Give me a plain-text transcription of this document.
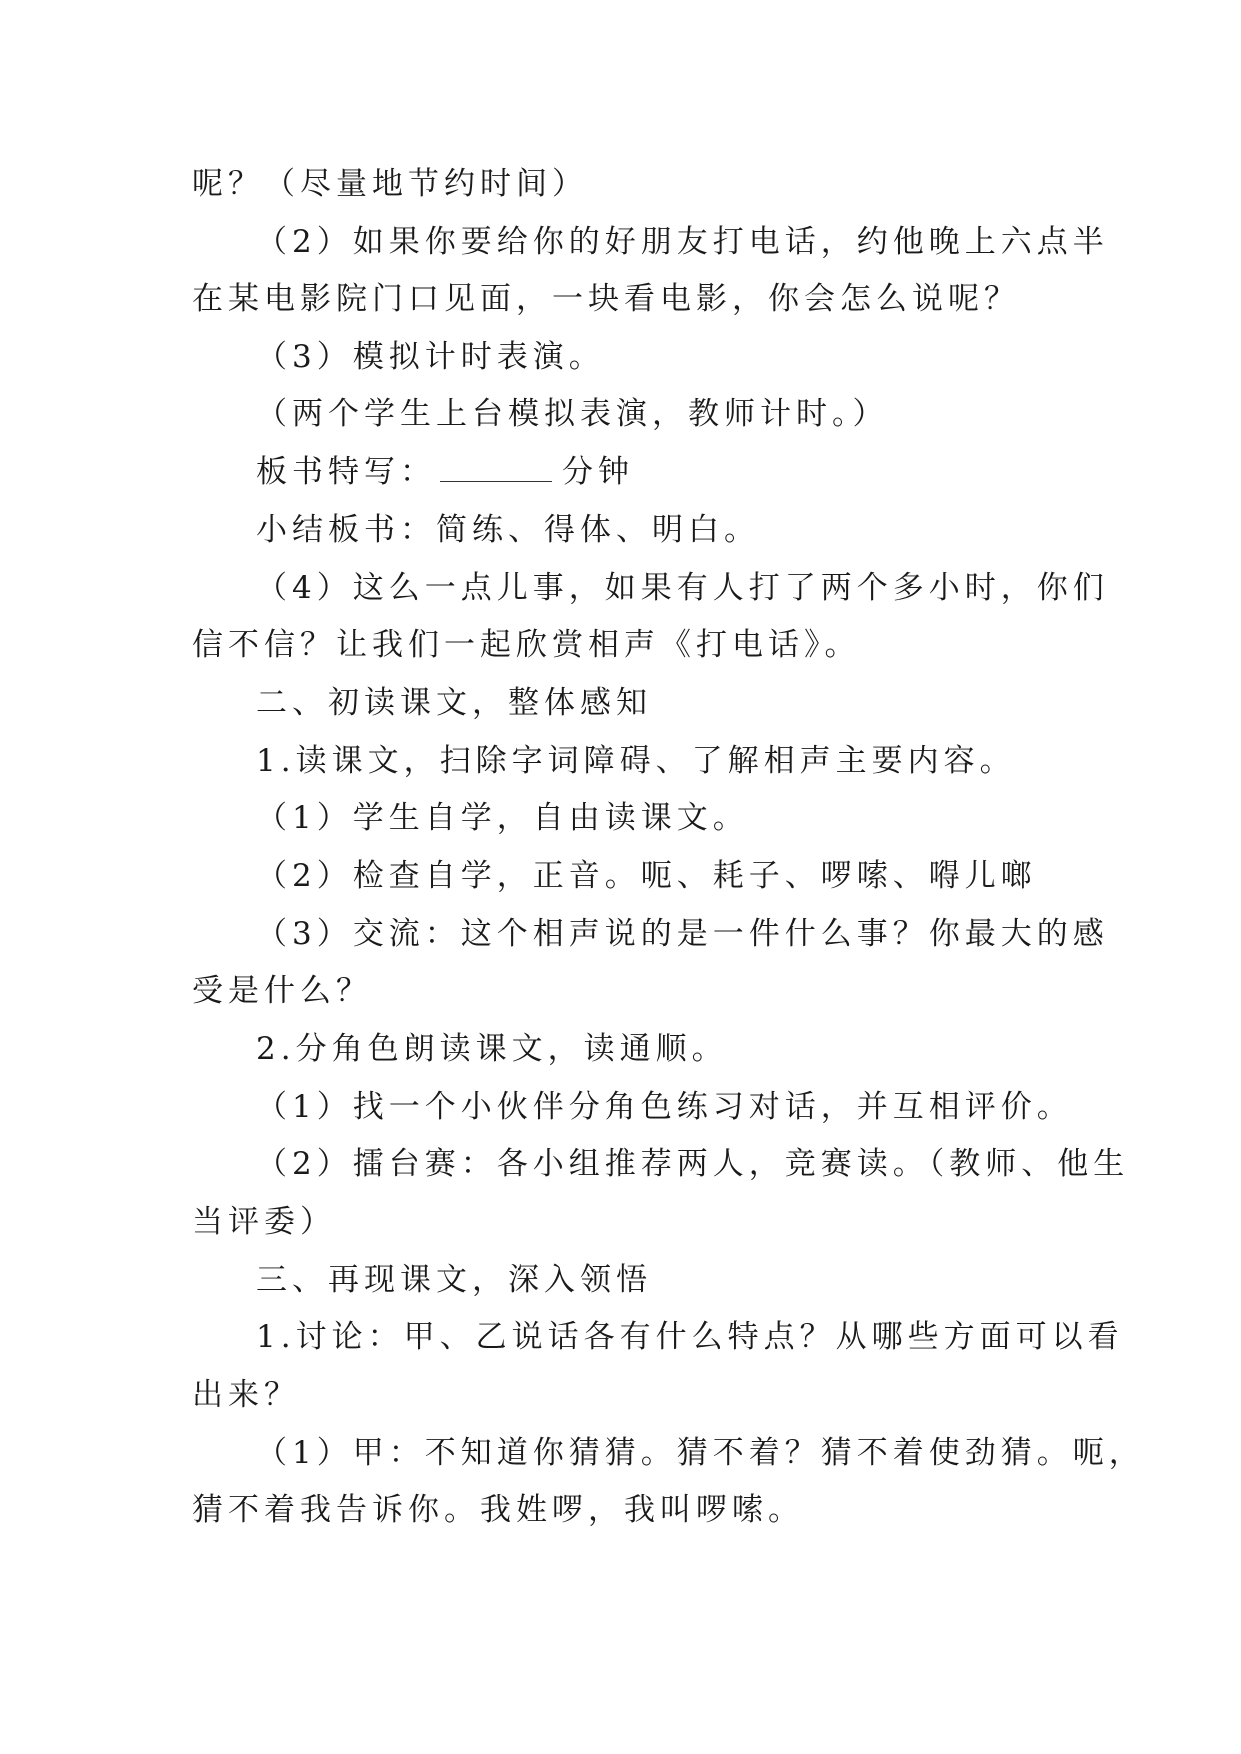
呢？（尽量地节约时间）
（2）如果你要给你的好朋友打电话，约他晚上六点半
在某电影院门口见面，一块看电影，你会怎么说呢？
（3）模拟计时表演。
（两个学生上台模拟表演，教师计时。）
板书特写：	分钟
小结板书：简练、得体、明白。
（4）这么一点儿事，如果有人打了两个多小时，你们
信不信？让我们一起欣赏相声《打电话》。
二、初读课文，整体感知
1.读课文，扫除字词障碍、了解相声主要内容。
（1）学生自学，自由读课文。
（2）检查自学，正音。呃、耗子、啰嗦、嘚儿啷
（3）交流：这个相声说的是一件什么事？你最大的感
受是什么？
2.分角色朗读课文，读通顺。
（1）找一个小伙伴分角色练习对话，并互相评价。
（2）擂台赛：各小组推荐两人，竞赛读。（教师、他生
当评委）
三、再现课文，深入领悟
1.讨论：甲、乙说话各有什么特点？从哪些方面可以看
出来？
（1）甲：不知道你猜猜。猜不着？猜不着使劲猜。呃，
猜不着我告诉你。我姓啰，我叫啰嗦。
